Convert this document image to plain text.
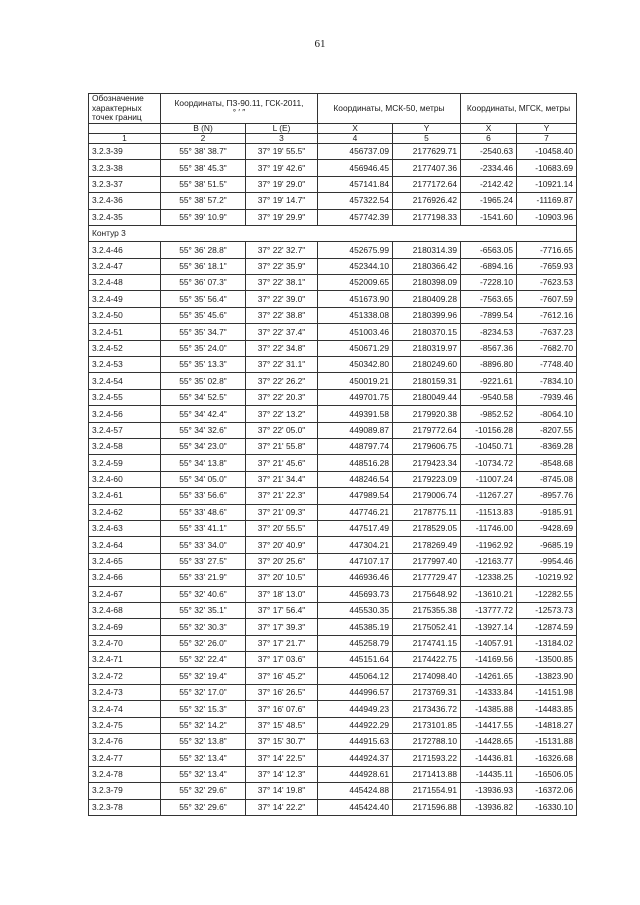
61
Обозначение характерных точек границ	Координаты, ПЗ-90.11, ГСК-2011,
° ′ ″		Координаты, МСК-50, метры		Координаты, МГСК, метры	
	B (N)	L (E)	X	Y	X	Y
1	2	3	4	5	6	7
3.2.3-39	55° 38' 38.7"	37° 19' 55.5"	456737.09	2177629.71	-2540.63	-10458.40
3.2.3-38	55° 38' 45.3"	37° 19' 42.6"	456946.45	2177407.36	-2334.46	-10683.69
3.2.3-37	55° 38' 51.5"	37° 19' 29.0"	457141.84	2177172.64	-2142.42	-10921.14
3.2.4-36	55° 38' 57.2"	37° 19' 14.7"	457322.54	2176926.42	-1965.24	-11169.87
3.2.4-35	55° 39' 10.9"	37° 19' 29.9"	457742.39	2177198.33	-1541.60	-10903.96
Контур 3						
3.2.4-46	55° 36' 28.8"	37° 22' 32.7"	452675.99	2180314.39	-6563.05	-7716.65
3.2.4-47	55° 36' 18.1"	37° 22' 35.9"	452344.10	2180366.42	-6894.16	-7659.93
3.2.4-48	55° 36' 07.3"	37° 22' 38.1"	452009.65	2180398.09	-7228.10	-7623.53
3.2.4-49	55° 35' 56.4"	37° 22' 39.0"	451673.90	2180409.28	-7563.65	-7607.59
3.2.4-50	55° 35' 45.6"	37° 22' 38.8"	451338.08	2180399.96	-7899.54	-7612.16
3.2.4-51	55° 35' 34.7"	37° 22' 37.4"	451003.46	2180370.15	-8234.53	-7637.23
3.2.4-52	55° 35' 24.0"	37° 22' 34.8"	450671.29	2180319.97	-8567.36	-7682.70
3.2.4-53	55° 35' 13.3"	37° 22' 31.1"	450342.80	2180249.60	-8896.80	-7748.40
3.2.4-54	55° 35' 02.8"	37° 22' 26.2"	450019.21	2180159.31	-9221.61	-7834.10
3.2.4-55	55° 34' 52.5"	37° 22' 20.3"	449701.75	2180049.44	-9540.58	-7939.46
3.2.4-56	55° 34' 42.4"	37° 22' 13.2"	449391.58	2179920.38	-9852.52	-8064.10
3.2.4-57	55° 34' 32.6"	37° 22' 05.0"	449089.87	2179772.64	-10156.28	-8207.55
3.2.4-58	55° 34' 23.0"	37° 21' 55.8"	448797.74	2179606.75	-10450.71	-8369.28
3.2.4-59	55° 34' 13.8"	37° 21' 45.6"	448516.28	2179423.34	-10734.72	-8548.68
3.2.4-60	55° 34' 05.0"	37° 21' 34.4"	448246.54	2179223.09	-11007.24	-8745.08
3.2.4-61	55° 33' 56.6"	37° 21' 22.3"	447989.54	2179006.74	-11267.27	-8957.76
3.2.4-62	55° 33' 48.6"	37° 21' 09.3"	447746.21	2178775.11	-11513.83	-9185.91
3.2.4-63	55° 33' 41.1"	37° 20' 55.5"	447517.49	2178529.05	-11746.00	-9428.69
3.2.4-64	55° 33' 34.0"	37° 20' 40.9"	447304.21	2178269.49	-11962.92	-9685.19
3.2.4-65	55° 33' 27.5"	37° 20' 25.6"	447107.17	2177997.40	-12163.77	-9954.46
3.2.4-66	55° 33' 21.9"	37° 20' 10.5"	446936.46	2177729.47	-12338.25	-10219.92
3.2.4-67	55° 32' 40.6"	37° 18' 13.0"	445693.73	2175648.92	-13610.21	-12282.55
3.2.4-68	55° 32' 35.1"	37° 17' 56.4"	445530.35	2175355.38	-13777.72	-12573.73
3.2.4-69	55° 32' 30.3"	37° 17' 39.3"	445385.19	2175052.41	-13927.14	-12874.59
3.2.4-70	55° 32' 26.0"	37° 17' 21.7"	445258.79	2174741.15	-14057.91	-13184.02
3.2.4-71	55° 32' 22.4"	37° 17' 03.6"	445151.64	2174422.75	-14169.56	-13500.85
3.2.4-72	55° 32' 19.4"	37° 16' 45.2"	445064.12	2174098.40	-14261.65	-13823.90
3.2.4-73	55° 32' 17.0"	37° 16' 26.5"	444996.57	2173769.31	-14333.84	-14151.98
3.2.4-74	55° 32' 15.3"	37° 16' 07.6"	444949.23	2173436.72	-14385.88	-14483.85
3.2.4-75	55° 32' 14.2"	37° 15' 48.5"	444922.29	2173101.85	-14417.55	-14818.27
3.2.4-76	55° 32' 13.8"	37° 15' 30.7"	444915.63	2172788.10	-14428.65	-15131.88
3.2.4-77	55° 32' 13.4"	37° 14' 22.5"	444924.37	2171593.22	-14436.81	-16326.68
3.2.4-78	55° 32' 13.4"	37° 14' 12.3"	444928.61	2171413.88	-14435.11	-16506.05
3.2.3-79	55° 32' 29.6"	37° 14' 19.8"	445424.88	2171554.91	-13936.93	-16372.06
3.2.3-78	55° 32' 29.6"	37° 14' 22.2"	445424.40	2171596.88	-13936.82	-16330.10
